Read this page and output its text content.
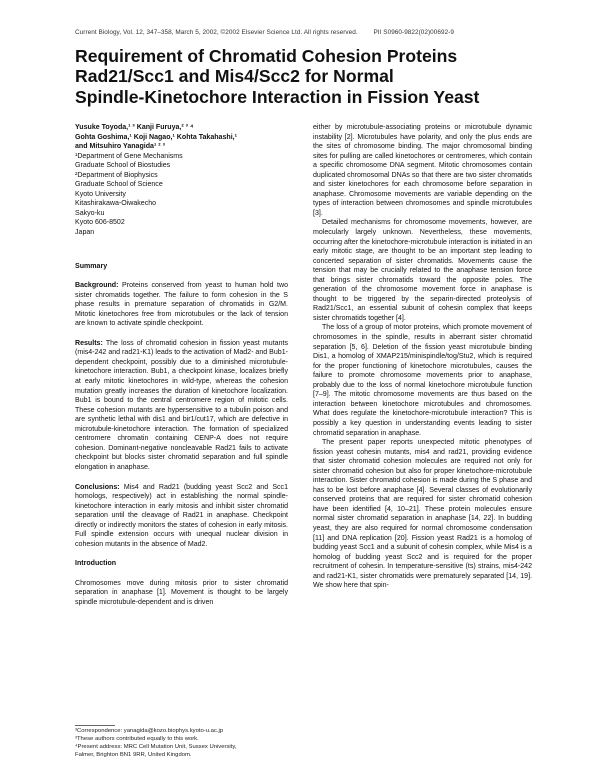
Current Biology, Vol. 12, 347–358, March 5, 2002, ©2002 Elsevier Science Ltd. All rights reserved. PII S0960-9822(02)00692-9
Requirement of Chromatid Cohesion Proteins
Rad21/Scc1 and Mis4/Scc2 for Normal
Spindle-Kinetochore Interaction in Fission Yeast
Yusuke Toyoda,¹ ³ Kanji Furuya,² ³ ⁴
Gohta Goshima,¹ Koji Nagao,¹ Kohta Takahashi,¹
and Mitsuhiro Yanagida¹ ² ³
¹Department of Gene Mechanisms
Graduate School of Biostudies
²Department of Biophysics
Graduate School of Science
Kyoto University
Kitashirakawa-Oiwakecho
Sakyo-ku
Kyoto 606-8502
Japan
Summary

Background: Proteins conserved from yeast to human hold two sister chromatids together. The failure to form cohesion in the S phase results in premature separation of chromatids in G2/M. Mitotic kinetochores free from microtubules or the lack of tension are known to activate spindle checkpoint.

Results: The loss of chromatid cohesion in fission yeast mutants (mis4-242 and rad21-K1) leads to the activation of Mad2- and Bub1-dependent checkpoint, possibly due to a diminished microtubule-kinetochore interaction. Bub1, a checkpoint kinase, localizes briefly at early mitotic kinetochores in wild-type, whereas the cohesion mutation greatly increases the duration of kinetochore localization. Bub1 is bound to the central centromere region of mitotic cells. These cohesion mutants are hypersensitive to a tubulin poison and are synthetic lethal with dis1 and bir1/cut17, which are defective in microtubule-kinetochore interaction. The formation of specialized centromere chromatin containing CENP-A does not require cohesion. Dominant-negative noncleavable Rad21 fails to activate checkpoint but blocks sister chromatid separation and full spindle elongation in anaphase.

Conclusions: Mis4 and Rad21 (budding yeast Scc2 and Scc1 homologs, respectively) act in establishing the normal spindle-kinetochore interaction in early mitosis and inhibit sister chromatid separation until the cleavage of Rad21 in anaphase. Checkpoint directly or indirectly monitors the states of cohesion in early mitosis. Full spindle extension occurs with unequal nuclear division in cohesion mutants in the absence of Mad2.

Introduction

Chromosomes move during mitosis prior to sister chromatid separation in anaphase [1]. Movement is thought to be largely spindle microtubule-dependent and is driven

either by microtubule-associating proteins or microtubule dynamic instability [2]. Microtubules have polarity, and only the plus ends are the sites of chromosome binding. The major chromosomal binding sites for pulling are called kinetochores or centromeres, which contain a specific chromosome DNA segment. Mitotic chromosomes contain duplicated chromosomal DNAs so that there are two sister chromatids and sister kinetochores for each chromosome before separation in anaphase. Chromosome movements are variable depending on the types of interaction between chromosomes and spindle microtubules [3].

Detailed mechanisms for chromosome movements, however, are molecularly largely unknown. Nevertheless, these movements, occurring after the kinetochore-microtubule interaction is initiated in an early mitotic stage, are thought to be an important step leading to concerted separation of sister chromatids. Movements cause the tension that may be crucially related to the anaphase tension force that brings sister chromatids toward the opposite poles. The generation of the chromosome movement force in anaphase is thought to be triggered by the separin-directed proteolysis of Rad21/Scc1, an essential subunit of cohesin complex that keeps sister chromatids together [4].

The loss of a group of motor proteins, which promote movement of chromosomes in the spindle, results in aberrant sister chromatid separation [5, 6]. Deletion of the fission yeast microtubule binding Dis1, a homolog of XMAP215/minispindle/tog/Stu2, which is required for the proper functioning of kinetochore microtubules, causes the failure to promote chromosome movements prior to anaphase, probably due to the loss of normal kinetochore microtubule function [7–9]. The mitotic chromosome movements are thus based on the interaction between kinetochore microtubules and chromosomes. What does regulate the kinetochore-microtubule interaction? This is possibly a key question in understanding events leading to sister chromatid separation in anaphase.

The present paper reports unexpected mitotic phenotypes of fission yeast cohesin mutants, mis4 and rad21, providing evidence that sister chromatid cohesion molecules are required not only for sister chromatid cohesion but also for proper kinetochore-microtubule interaction. Sister chromatid cohesion is made during the S phase and has to be lost before anaphase [4]. Several classes of evolutionarily conserved proteins that are required for sister chromatid cohesion have been identified [4, 10–21]. These protein molecules ensure normal sister chromatid separation in anaphase [14, 22]. In budding yeast, they are also required for normal chromosome condensation [11] and DNA replication [20]. Fission yeast Rad21 is a homolog of budding yeast Scc1 and a subunit of cohesin complex, while Mis4 is a homolog of budding yeast Scc2 and is required for the proper recruitment of cohesin. In temperature-sensitive (ts) strains, mis4-242 and rad21-K1, sister chromatids were prematurely separated [14, 19]. We show here that spin-

³Correspondence: yanagida@kozo.biophys.kyoto-u.ac.jp
³These authors contributed equally to this work.
⁴Present address: MRC Cell Mutation Unit, Sussex University,
Falmer, Brighton BN1 9RR, United Kingdom.
